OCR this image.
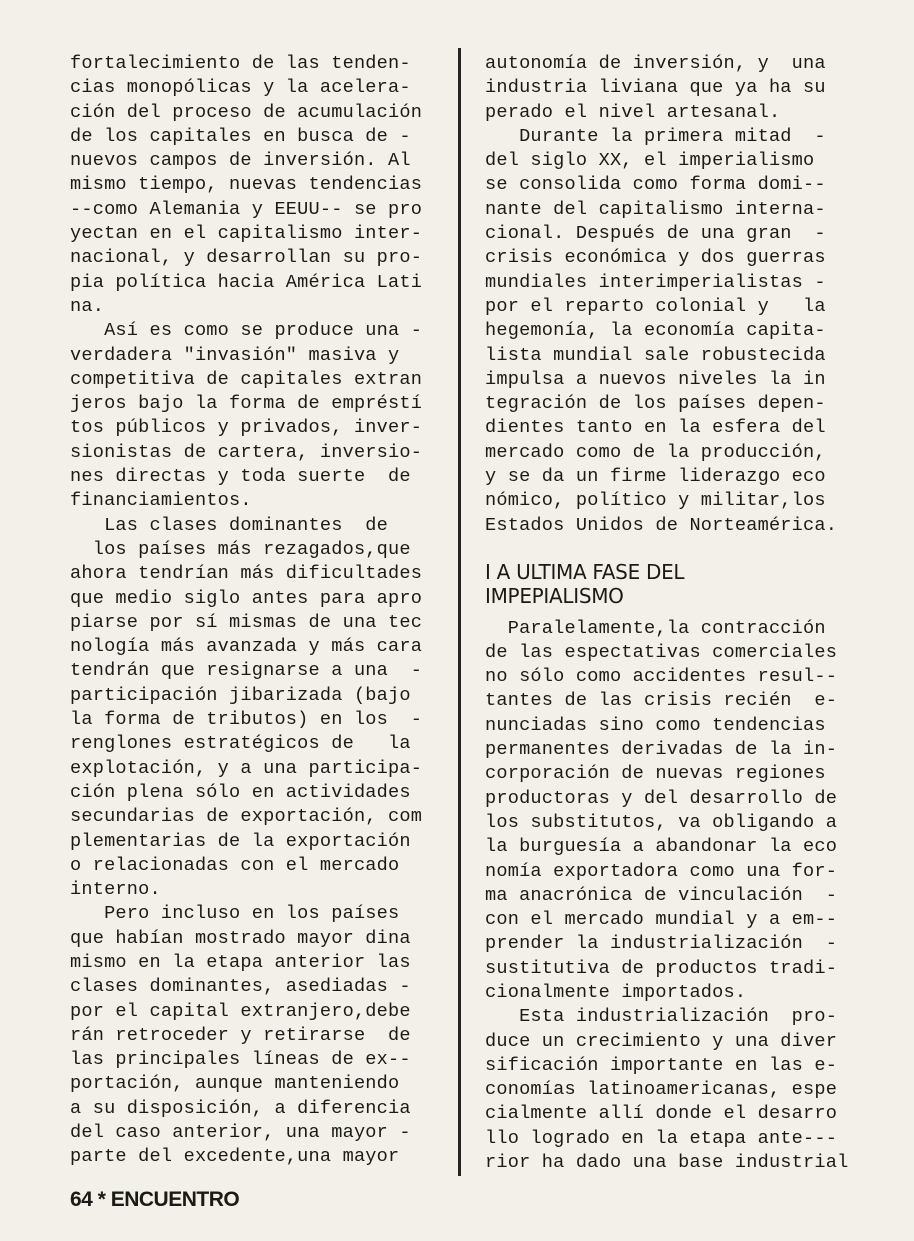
fortalecimiento de las tenden-
cias monopólicas y la acelera-
ción del proceso de acumulación
de los capitales en busca de -
nuevos campos de inversión. Al
mismo tiempo, nuevas tendencias
--como Alemania y EEUU-- se pro
yectan en el capitalismo inter-
nacional, y desarrollan su pro-
pia política hacia América Lati
na.
Así es como se produce una -
verdadera "invasión" masiva y
competitiva de capitales extran
jeros bajo la forma de empréstí
tos públicos y privados, inver-
sionistas de cartera, inversio-
nes directas y toda suerte  de
financiamientos.
Las clases dominantes  de
los países más rezagados,que
ahora tendrían más dificultades
que medio siglo antes para apro
piarse por sí mismas de una tec
nología más avanzada y más cara
tendrán que resignarse a una  -
participación jibarizada (bajo
la forma de tributos) en los  -
renglones estratégicos de   la
explotación, y a una participa-
ción plena sólo en actividades
secundarias de exportación, com
plementarias de la exportación
o relacionadas con el mercado
interno.
Pero incluso en los países
que habían mostrado mayor dina
mismo en la etapa anterior las
clases dominantes, asediadas -
por el capital extranjero,debe
rán retroceder y retirarse  de
las principales líneas de ex--
portación, aunque manteniendo
a su disposición, a diferencia
del caso anterior, una mayor -
parte del excedente,una mayor
autonomía de inversión, y  una
industria liviana que ya ha su
perado el nivel artesanal.
Durante la primera mitad  -
del siglo XX, el imperialismo
se consolida como forma domi--
nante del capitalismo interna-
cional. Después de una gran  -
crisis económica y dos guerras
mundiales interimperialistas -
por el reparto colonial y   la
hegemonía, la economía capita-
lista mundial sale robustecida
impulsa a nuevos niveles la in
tegración de los países depen-
dientes tanto en la esfera del
mercado como de la producción,
y se da un firme liderazgo eco
nómico, político y militar,los
Estados Unidos de Norteamérica.
I A ULTIMA FASE DEL
IMPEPIALISMO
Paralelamente,la contracción
de las espectativas comerciales
no sólo como accidentes resul--
tantes de las crisis recién  e-
nunciadas sino como tendencias
permanentes derivadas de la in-
corporación de nuevas regiones
productoras y del desarrollo de
los substitutos, va obligando a
la burguesía a abandonar la eco
nomía exportadora como una for-
ma anacrónica de vinculación  -
con el mercado mundial y a em--
prender la industrialización  -
sustitutiva de productos tradi-
cionalmente importados.
Esta industrialización  pro-
duce un crecimiento y una diver
sificación importante en las e-
conomías latinoamericanas, espe
cialmente allí donde el desarro
llo logrado en la etapa ante---
rior ha dado una base industrial
64 * ENCUENTRO
